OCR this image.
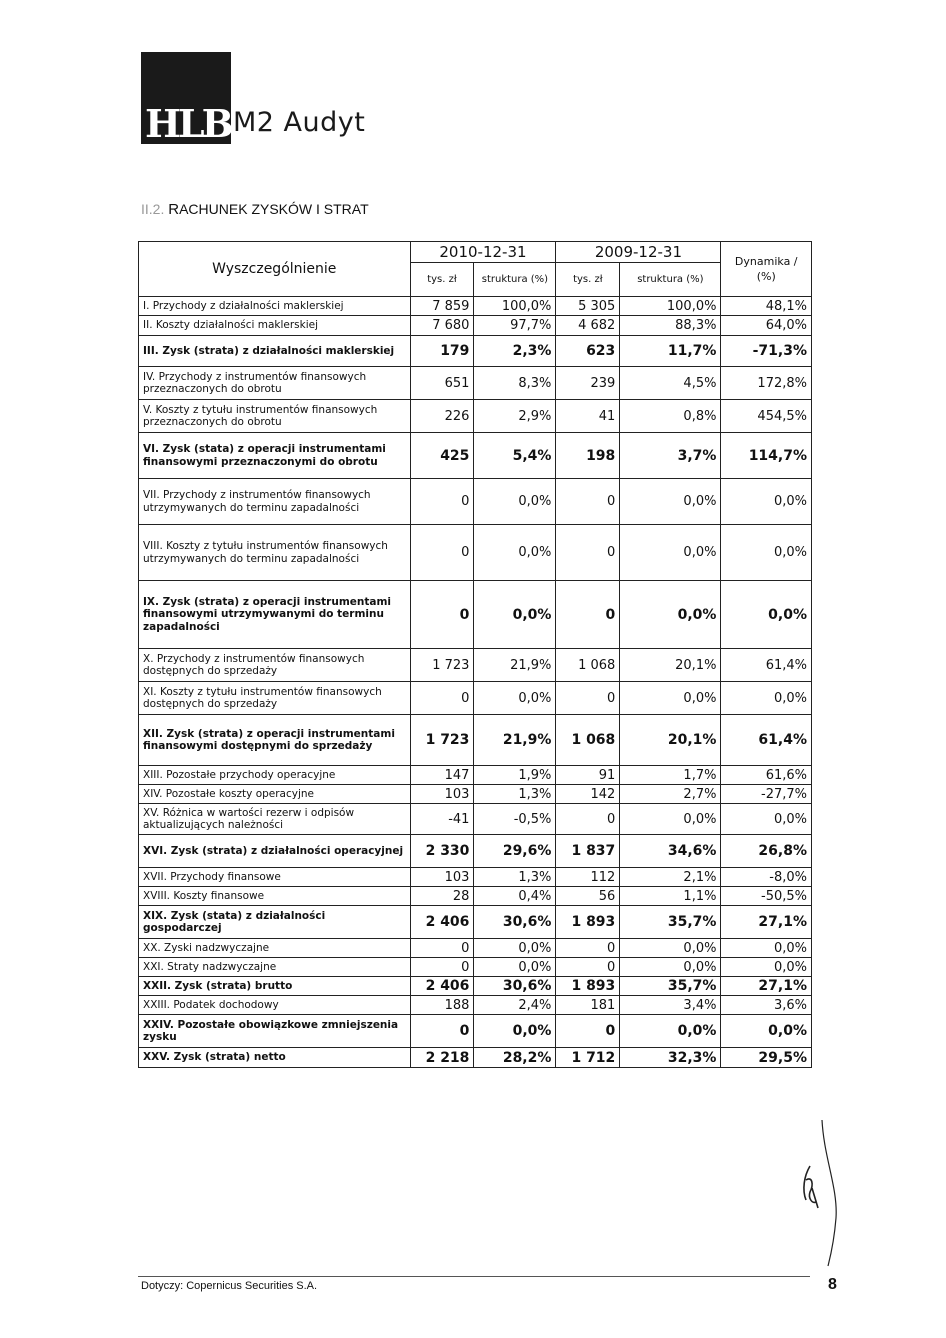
HLB M2 Audyt
II.2. RACHUNEK ZYSKÓW I STRAT
Wyszczególnienie	2010-12-31		2009-12-31		Dynamika / (%)
	tys. zł	struktura (%)	tys. zł	struktura (%)	
I. Przychody z działalności maklerskiej	7 859	100,0%	5 305	100,0%	48,1%
II. Koszty działalności maklerskiej	7 680	97,7%	4 682	88,3%	64,0%
III. Zysk (strata) z działalności maklerskiej	179	2,3%	623	11,7%	-71,3%
IV. Przychody z instrumentów finansowych przeznaczonych do obrotu	651	8,3%	239	4,5%	172,8%
V. Koszty z tytułu instrumentów finansowych przeznaczonych do obrotu	226	2,9%	41	0,8%	454,5%
VI. Zysk (stata) z operacji instrumentami finansowymi przeznaczonymi do obrotu	425	5,4%	198	3,7%	114,7%
VII. Przychody z instrumentów finansowych utrzymywanych do terminu zapadalności	0	0,0%	0	0,0%	0,0%
VIII. Koszty z tytułu instrumentów finansowych utrzymywanych do terminu zapadalności	0	0,0%	0	0,0%	0,0%
IX. Zysk (strata) z operacji instrumentami finansowymi utrzymywanymi do terminu zapadalności	0	0,0%	0	0,0%	0,0%
X. Przychody z instrumentów finansowych dostępnych do sprzedaży	1 723	21,9%	1 068	20,1%	61,4%
XI. Koszty z tytułu instrumentów finansowych dostępnych do sprzedaży	0	0,0%	0	0,0%	0,0%
XII. Zysk (strata) z operacji instrumentami finansowymi dostępnymi do sprzedaży	1 723	21,9%	1 068	20,1%	61,4%
XIII. Pozostałe przychody operacyjne	147	1,9%	91	1,7%	61,6%
XIV. Pozostałe koszty operacyjne	103	1,3%	142	2,7%	-27,7%
XV. Różnica w wartości rezerw i odpisów aktualizujących należności	-41	-0,5%	0	0,0%	0,0%
XVI. Zysk (strata) z działalności operacyjnej	2 330	29,6%	1 837	34,6%	26,8%
XVII. Przychody finansowe	103	1,3%	112	2,1%	-8,0%
XVIII. Koszty finansowe	28	0,4%	56	1,1%	-50,5%
XIX. Zysk (stata) z działalności gospodarczej	2 406	30,6%	1 893	35,7%	27,1%
XX. Zyski nadzwyczajne	0	0,0%	0	0,0%	0,0%
XXI. Straty nadzwyczajne	0	0,0%	0	0,0%	0,0%
XXII. Zysk (strata) brutto	2 406	30,6%	1 893	35,7%	27,1%
XXIII. Podatek dochodowy	188	2,4%	181	3,4%	3,6%
XXIV. Pozostałe obowiązkowe zmniejszenia zysku	0	0,0%	0	0,0%	0,0%
XXV. Zysk (strata) netto	2 218	28,2%	1 712	32,3%	29,5%
Dotyczy: Copernicus Securities S.A.	8
